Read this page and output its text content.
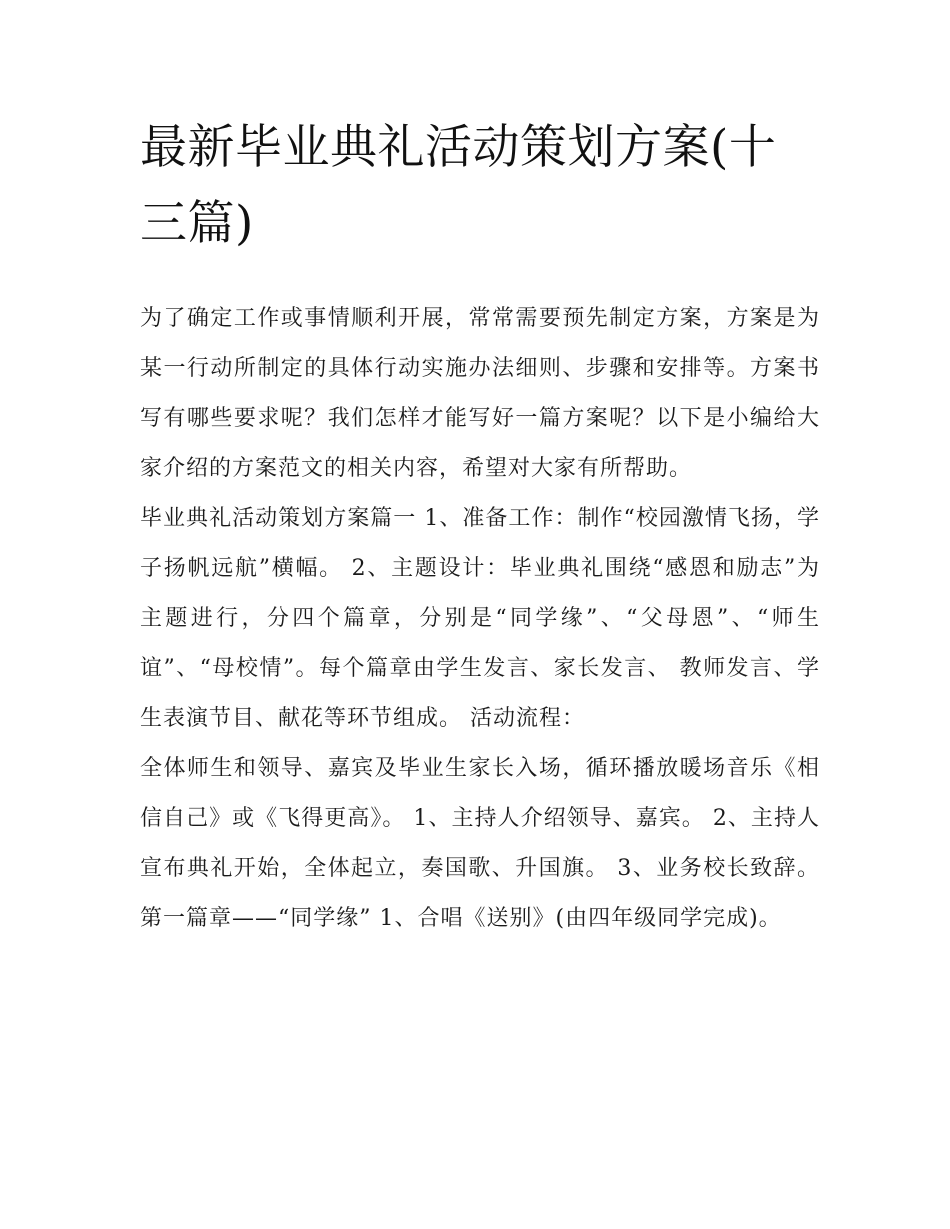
最新毕业典礼活动策划方案(十三篇)

为了确定工作或事情顺利开展，常常需要预先制定方案，方案是为某一行动所制定的具体行动实施办法细则、步骤和安排等。方案书写有哪些要求呢？我们怎样才能写好一篇方案呢？以下是小编给大家介绍的方案范文的相关内容，希望对大家有所帮助。

毕业典礼活动策划方案篇一 1、准备工作：制作“校园激情飞扬，学子扬帆远航”横幅。 2、主题设计：毕业典礼围绕“感恩和励志”为主题进行，分四个篇章，分别是“同学缘”、“父母恩”、“师生谊”、“母校情”。每个篇章由学生发言、家长发言、 教师发言、学生表演节目、献花等环节组成。 活动流程：

全体师生和领导、嘉宾及毕业生家长入场，循环播放暖场音乐《相信自己》或《飞得更高》。 1、主持人介绍领导、嘉宾。 2、主持人宣布典礼开始，全体起立，奏国歌、升国旗。 3、业务校长致辞。 第一篇章——“同学缘” 1、合唱《送别》(由四年级同学完成)。
